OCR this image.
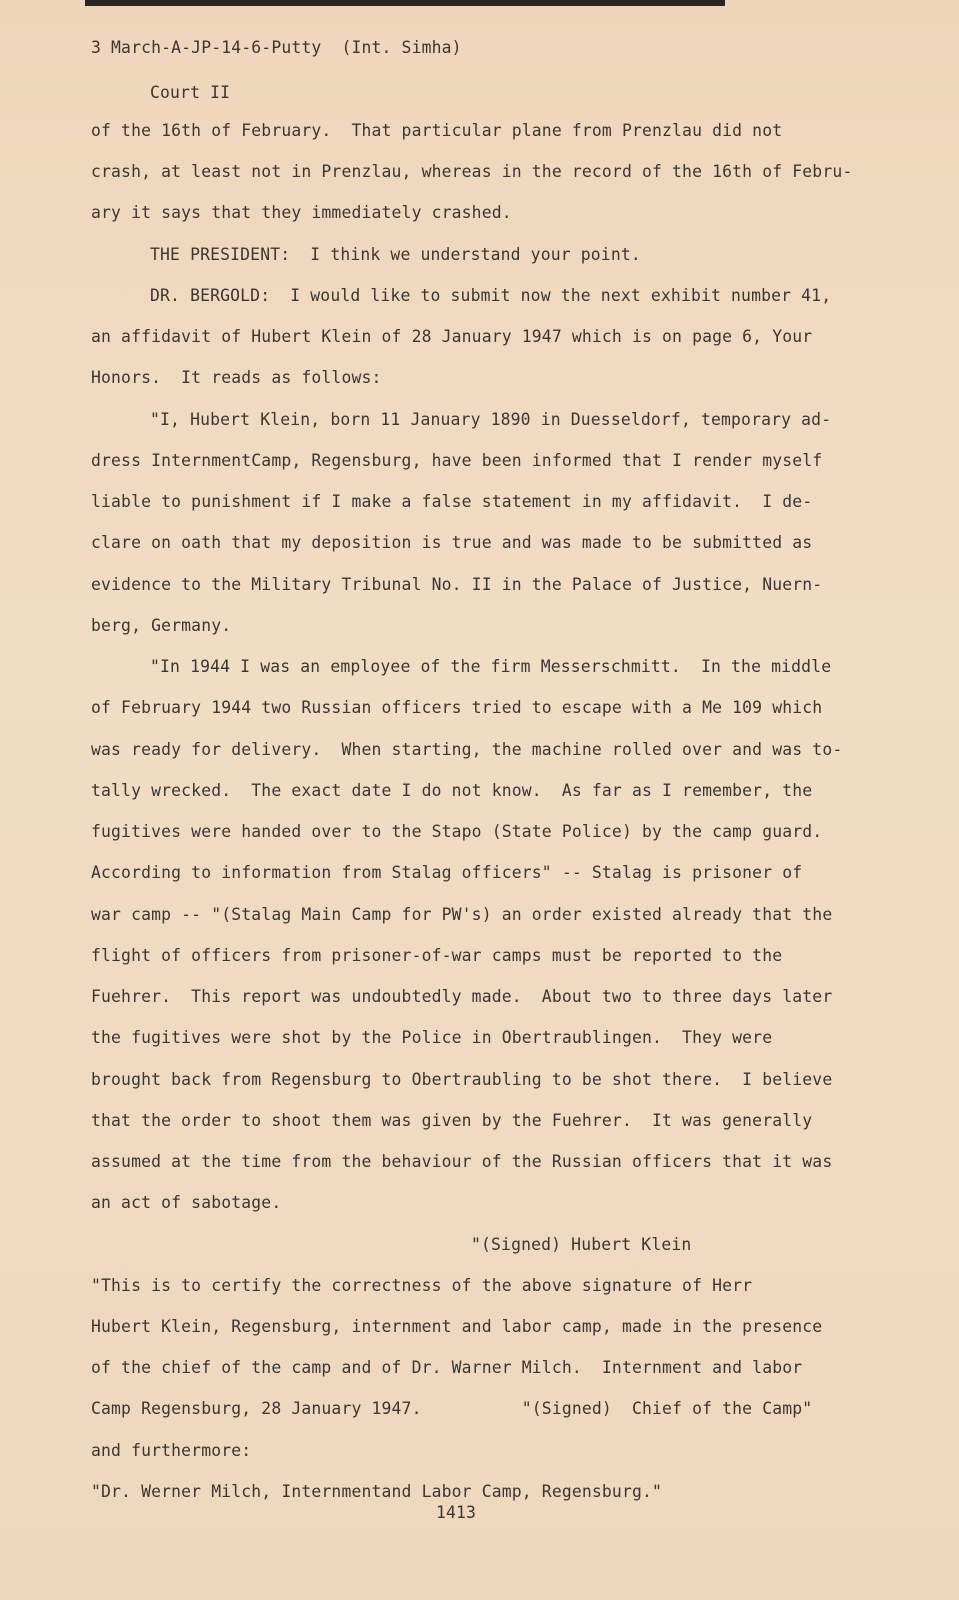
3 March-A-JP-14-6-Putty  (Int. Simha)

Court II

of the 16th of February.  That particular plane from Prenzlau did not

crash, at least not in Prenzlau, whereas in the record of the 16th of Febru-

ary it says that they immediately crashed.

THE PRESIDENT:  I think we understand your point.

DR. BERGOLD:  I would like to submit now the next exhibit number 41,

an affidavit of Hubert Klein of 28 January 1947 which is on page 6, Your

Honors.  It reads as follows:

"I, Hubert Klein, born 11 January 1890 in Duesseldorf, temporary ad-

dress InternmentCamp, Regensburg, have been informed that I render myself

liable to punishment if I make a false statement in my affidavit.  I de-

clare on oath that my deposition is true and was made to be submitted as

evidence to the Military Tribunal No. II in the Palace of Justice, Nuern-

berg, Germany.

"In 1944 I was an employee of the firm Messerschmitt.  In the middle

of February 1944 two Russian officers tried to escape with a Me 109 which

was ready for delivery.  When starting, the machine rolled over and was to-

tally wrecked.  The exact date I do not know.  As far as I remember, the

fugitives were handed over to the Stapo (State Police) by the camp guard.

According to information from Stalag officers" -- Stalag is prisoner of

war camp -- "(Stalag Main Camp for PW's) an order existed already that the

flight of officers from prisoner-of-war camps must be reported to the

Fuehrer.  This report was undoubtedly made.  About two to three days later

the fugitives were shot by the Police in Obertraublingen.  They were

brought back from Regensburg to Obertraubling to be shot there.  I believe

that the order to shoot them was given by the Fuehrer.  It was generally

assumed at the time from the behaviour of the Russian officers that it was

an act of sabotage.

"(Signed) Hubert Klein

"This is to certify the correctness of the above signature of Herr

Hubert Klein, Regensburg, internment and labor camp, made in the presence

of the chief of the camp and of Dr. Warner Milch.  Internment and labor

Camp Regensburg, 28 January 1947.          "(Signed)  Chief of the Camp"

and furthermore:

"Dr. Werner Milch, Internmentand Labor Camp, Regensburg."

1413
